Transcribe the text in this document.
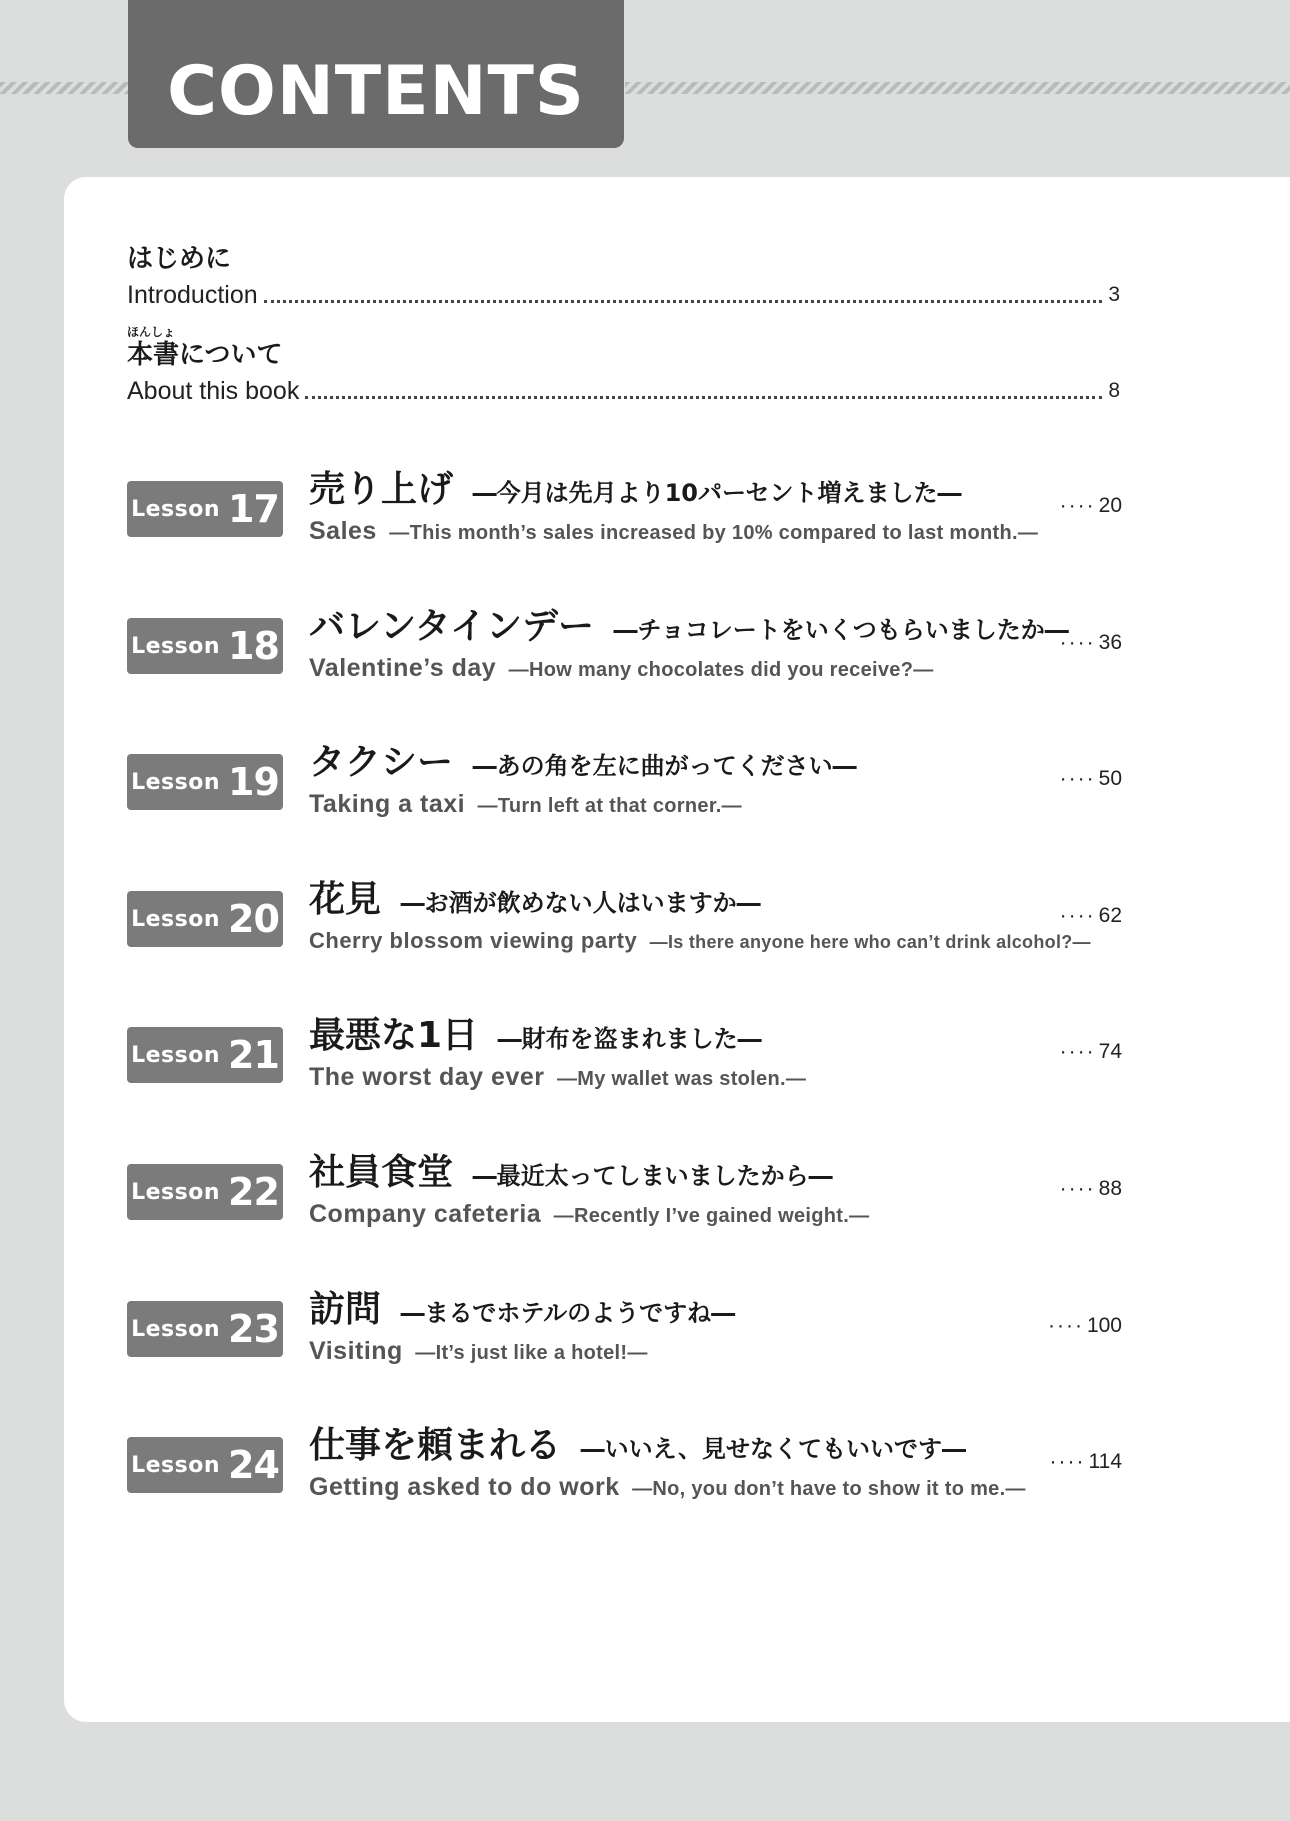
CONTENTS
はじめに
Introduction	3
ほんしょ
本書について
About this book	8
Lesson 17 売り上げ ―今月は先月より10パーセント増えました―
Sales ―This month’s sales increased by 10% compared to last month.―
···· 20
Lesson 18 バレンタインデー ―チョコレートをいくつもらいましたか―
Valentine’s day ―How many chocolates did you receive?―
···· 36
Lesson 19 タクシー ―あの角を左に曲がってください―
Taking a taxi ―Turn left at that corner.―
···· 50
Lesson 20 花見 ―お酒が飲めない人はいますか―
Cherry blossom viewing party ―Is there anyone here who can’t drink alcohol?―
···· 62
Lesson 21 最悪な1日 ―財布を盗まれました―
The worst day ever ―My wallet was stolen.―
···· 74
Lesson 22 社員食堂 ―最近太ってしまいましたから―
Company cafeteria ―Recently I’ve gained weight.―
···· 88
Lesson 23 訪問 ―まるでホテルのようですね―
Visiting ―It’s just like a hotel!―
···· 100
Lesson 24 仕事を頼まれる ―いいえ、見せなくてもいいです―
Getting asked to do work ―No, you don’t have to show it to me.―
···· 114
